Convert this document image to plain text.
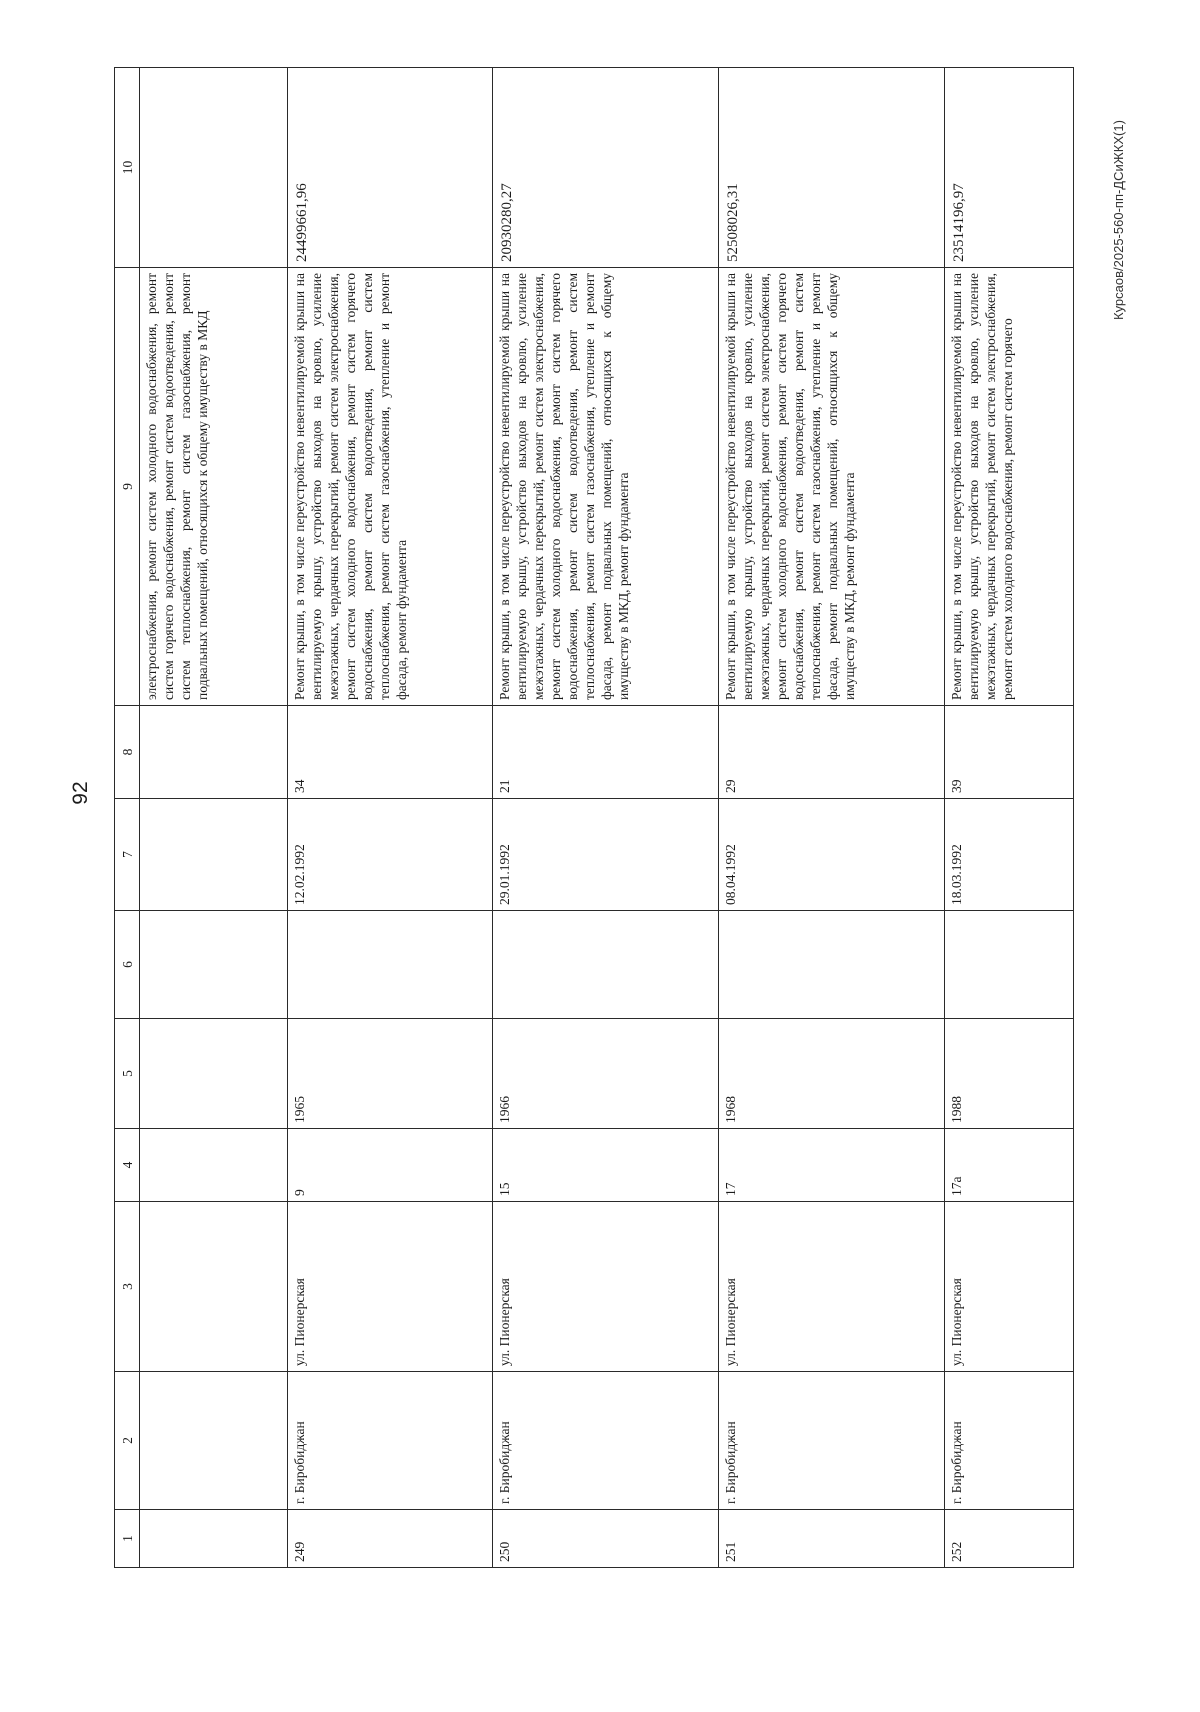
92
Курсаов/2025-560-пп-ДСиЖКХ(1)
1	2	3	4	5	6	7	8	9	10
								электроснабжения, ремонт систем холодного водоснабжения, ремонт систем горячего водоснабжения, ремонт систем водоотведения, ремонт систем теплоснабжения, ремонт систем газоснабжения, ремонт подвальных помещений, относящихся к общему имуществу в МКД	
249	г. Биробиджан	ул. Пионерская	9	1965		12.02.1992	34	Ремонт крыши, в том числе переустройство невентилируемой крыши на вентилируемую крышу, устройство выходов на кровлю, усиление межэтажных, чердачных перекрытий, ремонт систем электроснабжения, ремонт систем холодного водоснабжения, ремонт систем горячего водоснабжения, ремонт систем водоотведения, ремонт систем теплоснабжения, ремонт систем газоснабжения, утепление и ремонт фасада, ремонт фундамента	24499661,96
250	г. Биробиджан	ул. Пионерская	15	1966		29.01.1992	21	Ремонт крыши, в том числе переустройство невентилируемой крыши на вентилируемую крышу, устройство выходов на кровлю, усиление межэтажных, чердачных перекрытий, ремонт систем электроснабжения, ремонт систем холодного водоснабжения, ремонт систем горячего водоснабжения, ремонт систем водоотведения, ремонт систем теплоснабжения, ремонт систем газоснабжения, утепление и ремонт фасада, ремонт подвальных помещений, относящихся к общему имуществу в МКД, ремонт фундамента	20930280,27
251	г. Биробиджан	ул. Пионерская	17	1968		08.04.1992	29	Ремонт крыши, в том числе переустройство невентилируемой крыши на вентилируемую крышу, устройство выходов на кровлю, усиление межэтажных, чердачных перекрытий, ремонт систем электроснабжения, ремонт систем холодного водоснабжения, ремонт систем горячего водоснабжения, ремонт систем водоотведения, ремонт систем теплоснабжения, ремонт систем газоснабжения, утепление и ремонт фасада, ремонт подвальных помещений, относящихся к общему имуществу в МКД, ремонт фундамента	52508026,31
252	г. Биробиджан	ул. Пионерская	17а	1988		18.03.1992	39	Ремонт крыши, в том числе переустройство невентилируемой крыши на вентилируемую крышу, устройство выходов на кровлю, усиление межэтажных, чердачных перекрытий, ремонт систем электроснабжения, ремонт систем холодного водоснабжения, ремонт систем горячего	23514196,97
